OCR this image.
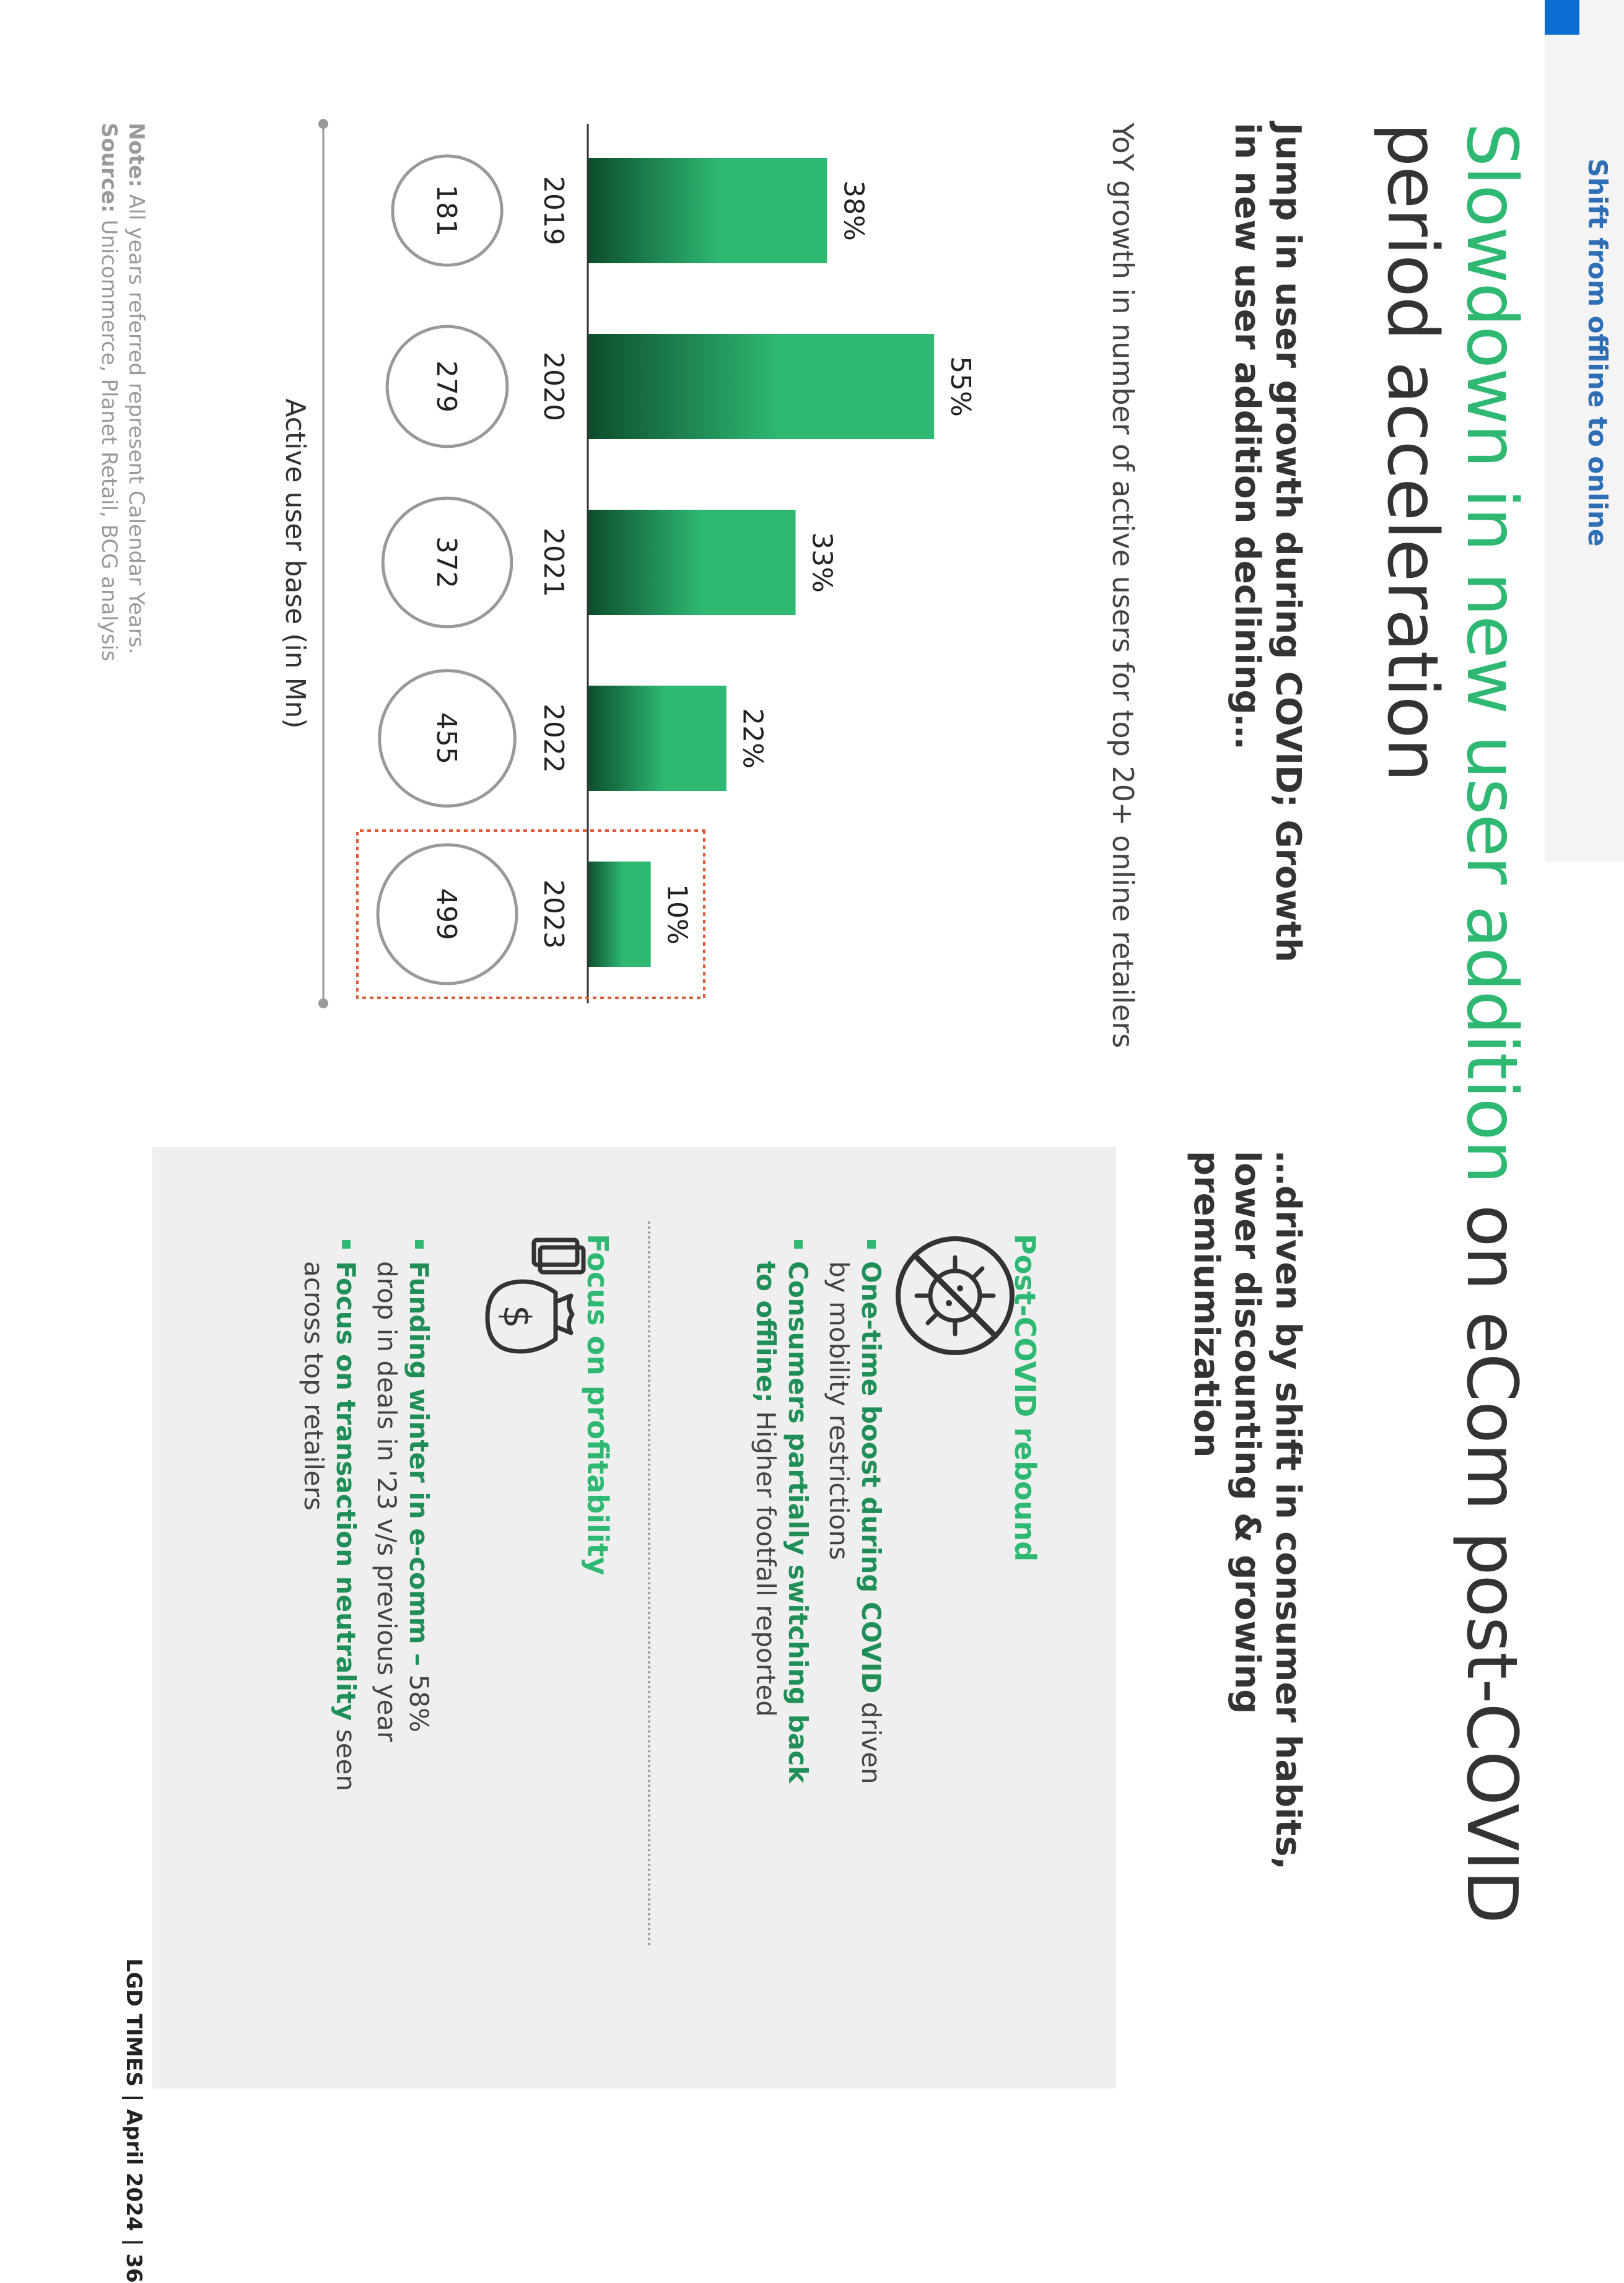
Shift from offline to online
Slowdown in new user addition on eCom post-COVID period acceleration
Jump in user growth during COVID; Growth in new user addition declining…
…driven by shift in consumer habits, lower discounting & growing premiumization
YoY growth in number of active users for top 20+ online retailers
38%
2019
55%
2020
33%
2021
22%
2022
10%
2023
181
279
372
455
499
Active user base (in Mn)
Note: All years referred represent Calendar Years.
Source: Unicommerce, Planet Retail, BCG analysis
Post-COVID rebound
One-time boost during COVID driven by mobility restrictions
Consumers partially switching back to offline; Higher footfall reported
$ Focus on profitability
Funding winter in e-comm – 58% drop in deals in '23 v/s previous year
Focus on transaction neutrality seen across top retailers
LGD TIMES | April 2024 | 36
